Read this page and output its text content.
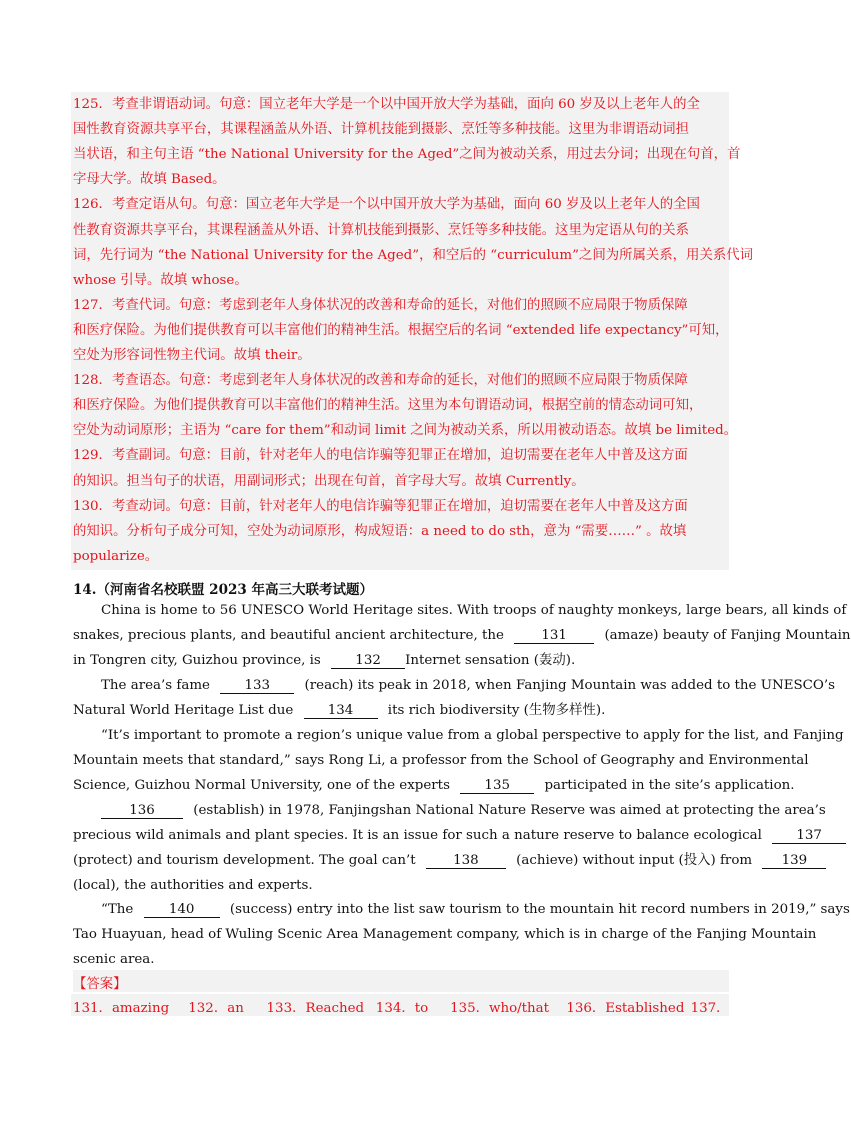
125．考查非谓语动词。句意：国立老年大学是一个以中国开放大学为基础，面向 60 岁及以上老年人的全
国性教育资源共享平台，其课程涵盖从外语、计算机技能到摄影、烹饪等多种技能。这里为非谓语动词担
当状语，和主句主语 “the National University for the Aged”之间为被动关系，用过去分词；出现在句首，首
字母大学。故填 Based。
126．考查定语从句。句意：国立老年大学是一个以中国开放大学为基础，面向 60 岁及以上老年人的全国
性教育资源共享平台，其课程涵盖从外语、计算机技能到摄影、烹饪等多种技能。这里为定语从句的关系
词，先行词为 “the National University for the Aged”，和空后的 “curriculum”之间为所属关系，用关系代词
whose 引导。故填 whose。
127．考查代词。句意：考虑到老年人身体状况的改善和寿命的延长，对他们的照顾不应局限于物质保障
和医疗保险。为他们提供教育可以丰富他们的精神生活。根据空后的名词 “extended life expectancy”可知，
空处为形容词性物主代词。故填 their。
128．考查语态。句意：考虑到老年人身体状况的改善和寿命的延长，对他们的照顾不应局限于物质保障
和医疗保险。为他们提供教育可以丰富他们的精神生活。这里为本句谓语动词，根据空前的情态动词可知，
空处为动词原形；主语为 “care for them”和动词 limit 之间为被动关系，所以用被动语态。故填 be limited。
129．考查副词。句意：目前，针对老年人的电信诈骗等犯罪正在增加，迫切需要在老年人中普及这方面
的知识。担当句子的状语，用副词形式；出现在句首，首字母大写。故填 Currently。
130．考查动词。句意：目前，针对老年人的电信诈骗等犯罪正在增加，迫切需要在老年人中普及这方面
的知识。分析句子成分可知，空处为动词原形，构成短语：a need to do sth，意为 “需要……” 。故填
popularize。
14.（河南省名校联盟 2023 年高三大联考试题）
China is home to 56 UNESCO World Heritage sites. With troops of naughty monkeys, large bears, all kinds of
snakes, precious plants, and beautiful ancient architecture, the	131	(amaze) beauty of Fanjing Mountain
in Tongren city, Guizhou province, is	132 Internet sensation (轰动).
The area’s fame	133	(reach) its peak in 2018, when Fanjing Mountain was added to the UNESCO’s
Natural World Heritage List due	134	its rich biodiversity (生物多样性).
“It’s important to promote a region’s unique value from a global perspective to apply for the list, and Fanjing
Mountain meets that standard,” says Rong Li, a professor from the School of Geography and Environmental
Science, Guizhou Normal University, one of the experts	135	participated in the site’s application.
136	(establish) in 1978, Fanjingshan National Nature Reserve was aimed at protecting the area’s
precious wild animals and plant species. It is an issue for such a nature reserve to balance ecological	137
(protect) and tourism development. The goal can’t	138	(achieve) without input (投入) from 139
(local), the authorities and experts.
“The	140	(success) entry into the list saw tourism to the mountain hit record numbers in 2019,” says
Tao Huayuan, head of Wuling Scenic Area Management company, which is in charge of the Fanjing Mountain
scenic area.
【答案】
131．amazing 132．an 133．Reached 134．to 135．who/that 136．Established 137．
